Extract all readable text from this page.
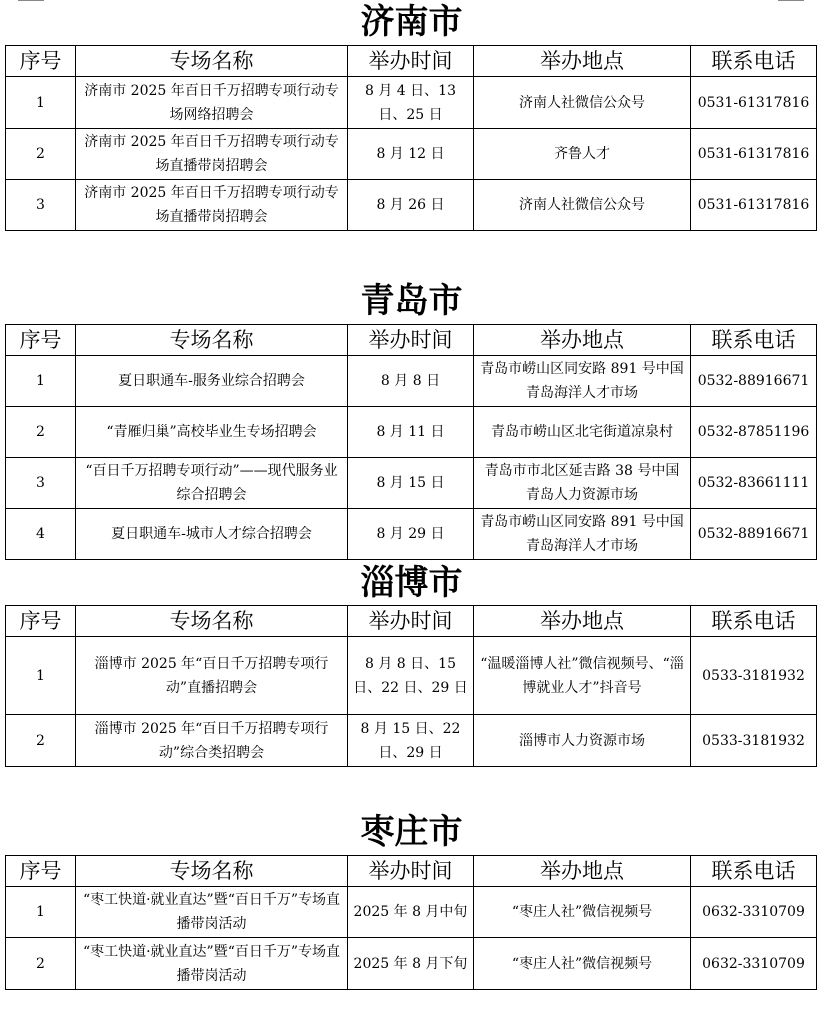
济南市
序号	专场名称	举办时间	举办地点	联系电话
1	济南市 2025 年百日千万招聘专项行动专场网络招聘会	8 月 4 日、13 日、25 日	济南人社微信公众号	0531-61317816
2	济南市 2025 年百日千万招聘专项行动专场直播带岗招聘会	8 月 12 日	齐鲁人才	0531-61317816
3	济南市 2025 年百日千万招聘专项行动专场直播带岗招聘会	8 月 26 日	济南人社微信公众号	0531-61317816
青岛市
序号	专场名称	举办时间	举办地点	联系电话
1	夏日职通车-服务业综合招聘会	8 月 8 日	青岛市崂山区同安路 891 号中国青岛海洋人才市场	0532-88916671
2	“青雁归巢”高校毕业生专场招聘会	8 月 11 日	青岛市崂山区北宅街道凉泉村	0532-87851196
3	“百日千万招聘专项行动”——现代服务业综合招聘会	8 月 15 日	青岛市市北区延吉路 38 号中国青岛人力资源市场	0532-83661111
4	夏日职通车-城市人才综合招聘会	8 月 29 日	青岛市崂山区同安路 891 号中国青岛海洋人才市场	0532-88916671
淄博市
序号	专场名称	举办时间	举办地点	联系电话
1	淄博市 2025 年“百日千万招聘专项行动”直播招聘会	8 月 8 日、15 日、22 日、29 日	“温暖淄博人社”微信视频号、“淄博就业人才”抖音号	0533-3181932
2	淄博市 2025 年“百日千万招聘专项行动”综合类招聘会	8 月 15 日、22 日、29 日	淄博市人力资源市场	0533-3181932
枣庄市
序号	专场名称	举办时间	举办地点	联系电话
1	“枣工快道·就业直达”暨“百日千万”专场直播带岗活动	2025 年 8 月中旬	“枣庄人社”微信视频号	0632-3310709
2	“枣工快道·就业直达”暨“百日千万”专场直播带岗活动	2025 年 8 月下旬	“枣庄人社”微信视频号	0632-3310709
